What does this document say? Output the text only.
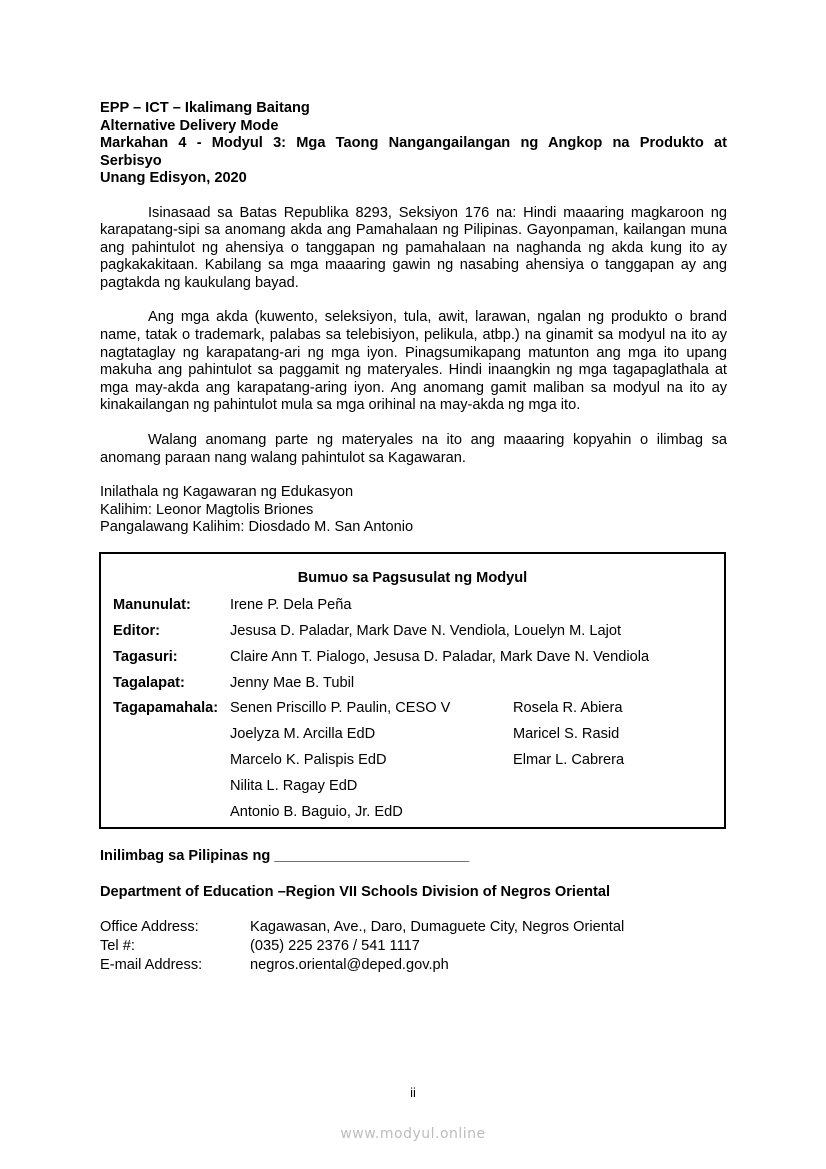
EPP – ICT – Ikalimang Baitang
Alternative Delivery Mode
Markahan 4 - Modyul 3: Mga Taong Nangangailangan ng Angkop na Produkto at
Serbisyo
Unang Edisyon, 2020

Isinasaad sa Batas Republika 8293, Seksiyon 176 na: Hindi maaaring magkaroon ng karapatang-sipi sa anomang akda ang Pamahalaan ng Pilipinas. Gayonpaman, kailangan muna ang pahintulot ng ahensiya o tanggapan ng pamahalaan na naghanda ng akda kung ito ay pagkakakitaan. Kabilang sa mga maaaring gawin ng nasabing ahensiya o tanggapan ay ang pagtakda ng kaukulang bayad.

Ang mga akda (kuwento, seleksiyon, tula, awit, larawan, ngalan ng produkto o brand name, tatak o trademark, palabas sa telebisiyon, pelikula, atbp.) na ginamit sa modyul na ito ay nagtataglay ng karapatang-ari ng mga iyon. Pinagsumikapang matunton ang mga ito upang makuha ang pahintulot sa paggamit ng materyales. Hindi inaangkin ng mga tagapaglathala at mga may-akda ang karapatang-aring iyon. Ang anomang gamit maliban sa modyul na ito ay kinakailangan ng pahintulot mula sa mga orihinal na may-akda ng mga ito.

Walang anomang parte ng materyales na ito ang maaaring kopyahin o ilimbag sa anomang paraan nang walang pahintulot sa Kagawaran.

Inilathala ng Kagawaran ng Edukasyon
Kalihim: Leonor Magtolis Briones
Pangalawang Kalihim: Diosdado M. San Antonio
Bumuo sa Pagsusulat ng Modyul
Manunulat:	Irene P. Dela Peña
Editor:	Jesusa D. Paladar, Mark Dave N. Vendiola, Louelyn M. Lajot
Tagasuri:	Claire Ann T. Pialogo, Jesusa D. Paladar, Mark Dave N. Vendiola
Tagalapat:	Jenny Mae B. Tubil
Tagapamahala: Senen Priscillo P. Paulin, CESO V	Rosela R. Abiera
Joelyza M. Arcilla EdD	Maricel S. Rasid
Marcelo K. Palispis EdD	Elmar L. Cabrera
Nilita L. Ragay EdD
Antonio B. Baguio, Jr. EdD
Inilimbag sa Pilipinas ng ________________________
Department of Education –Region VII Schools Division of Negros Oriental
Office Address:	Kagawasan, Ave., Daro, Dumaguete City, Negros Oriental
Tel #:	(035) 225 2376 / 541 1117
E-mail Address:	negros.oriental@deped.gov.ph
ii
www.modyul.online
